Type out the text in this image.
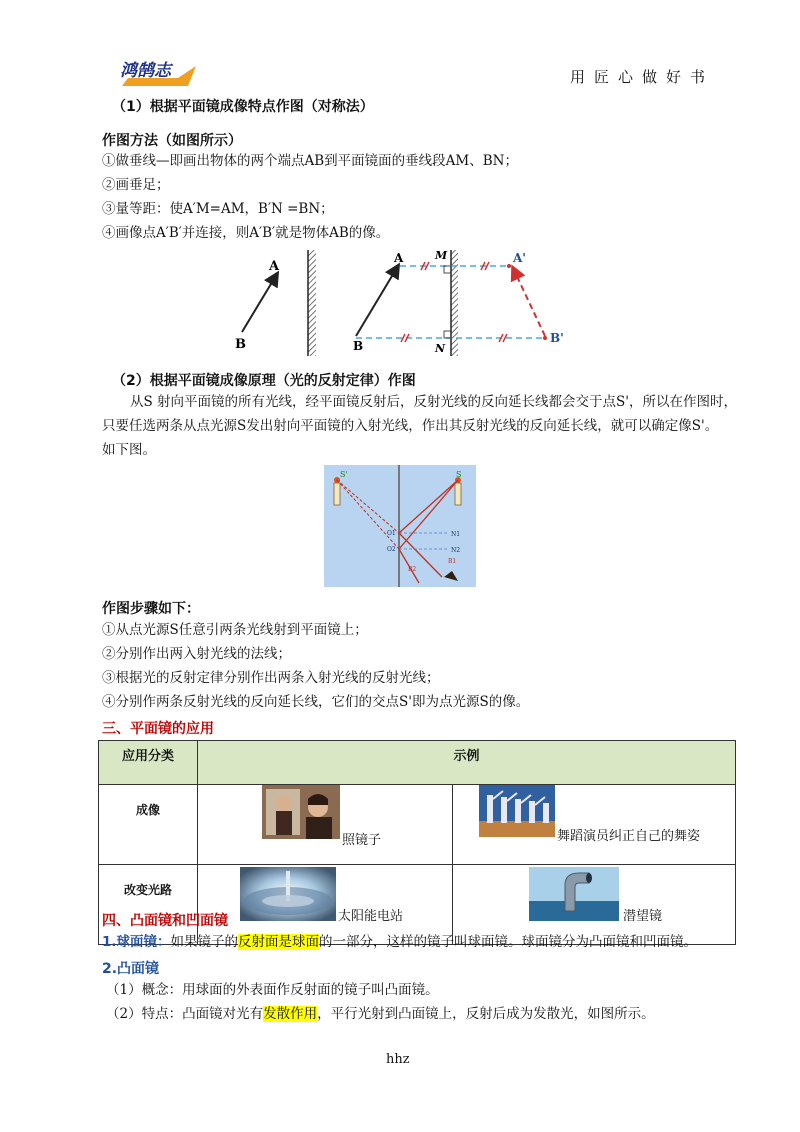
鸿鹄志	用匠心做好书
（1）根据平面镜成像特点作图（对称法）
作图方法（如图所示）
①做垂线—即画出物体的两个端点AB到平面镜面的垂线段AM、BN；
②画垂足；
③量等距：使A′M=AM，B′N =BN；
④画像点A′B′并连接，则A′B′就是物体AB的像。
A
B
A
B
M
N
A'
B'
（2）根据平面镜成像原理（光的反射定律）作图
从S 射向平面镜的所有光线，经平面镜反射后，反射光线的反向延长线都会交于点S'，所以在作图时，
只要任选两条从点光源S发出射向平面镜的入射光线，作出其反射光线的反向延长线，就可以确定像S'。
如下图。
S'	S
N1
N2
O1
O2
B1
B2
作图步骤如下：
①从点光源S任意引两条光线射到平面镜上；
②分别作出两入射光线的法线；
③根据光的反射定律分别作出两条入射光线的反射光线；
④分别作两条反射光线的反向延长线，它们的交点S'即为点光源S的像。
三、平面镜的应用
应用分类	示例	
成像	照镜子	舞蹈演员纠正自己的舞姿

改变光路	太阳能电站	潜望镜
四、凸面镜和凹面镜
1.球面镜：如果镜子的反射面是球面的一部分，这样的镜子叫球面镜。球面镜分为凸面镜和凹面镜。
2.凸面镜
（1）概念：用球面的外表面作反射面的镜子叫凸面镜。
（2）特点：凸面镜对光有发散作用，平行光射到凸面镜上，反射后成为发散光，如图所示。
hhz
